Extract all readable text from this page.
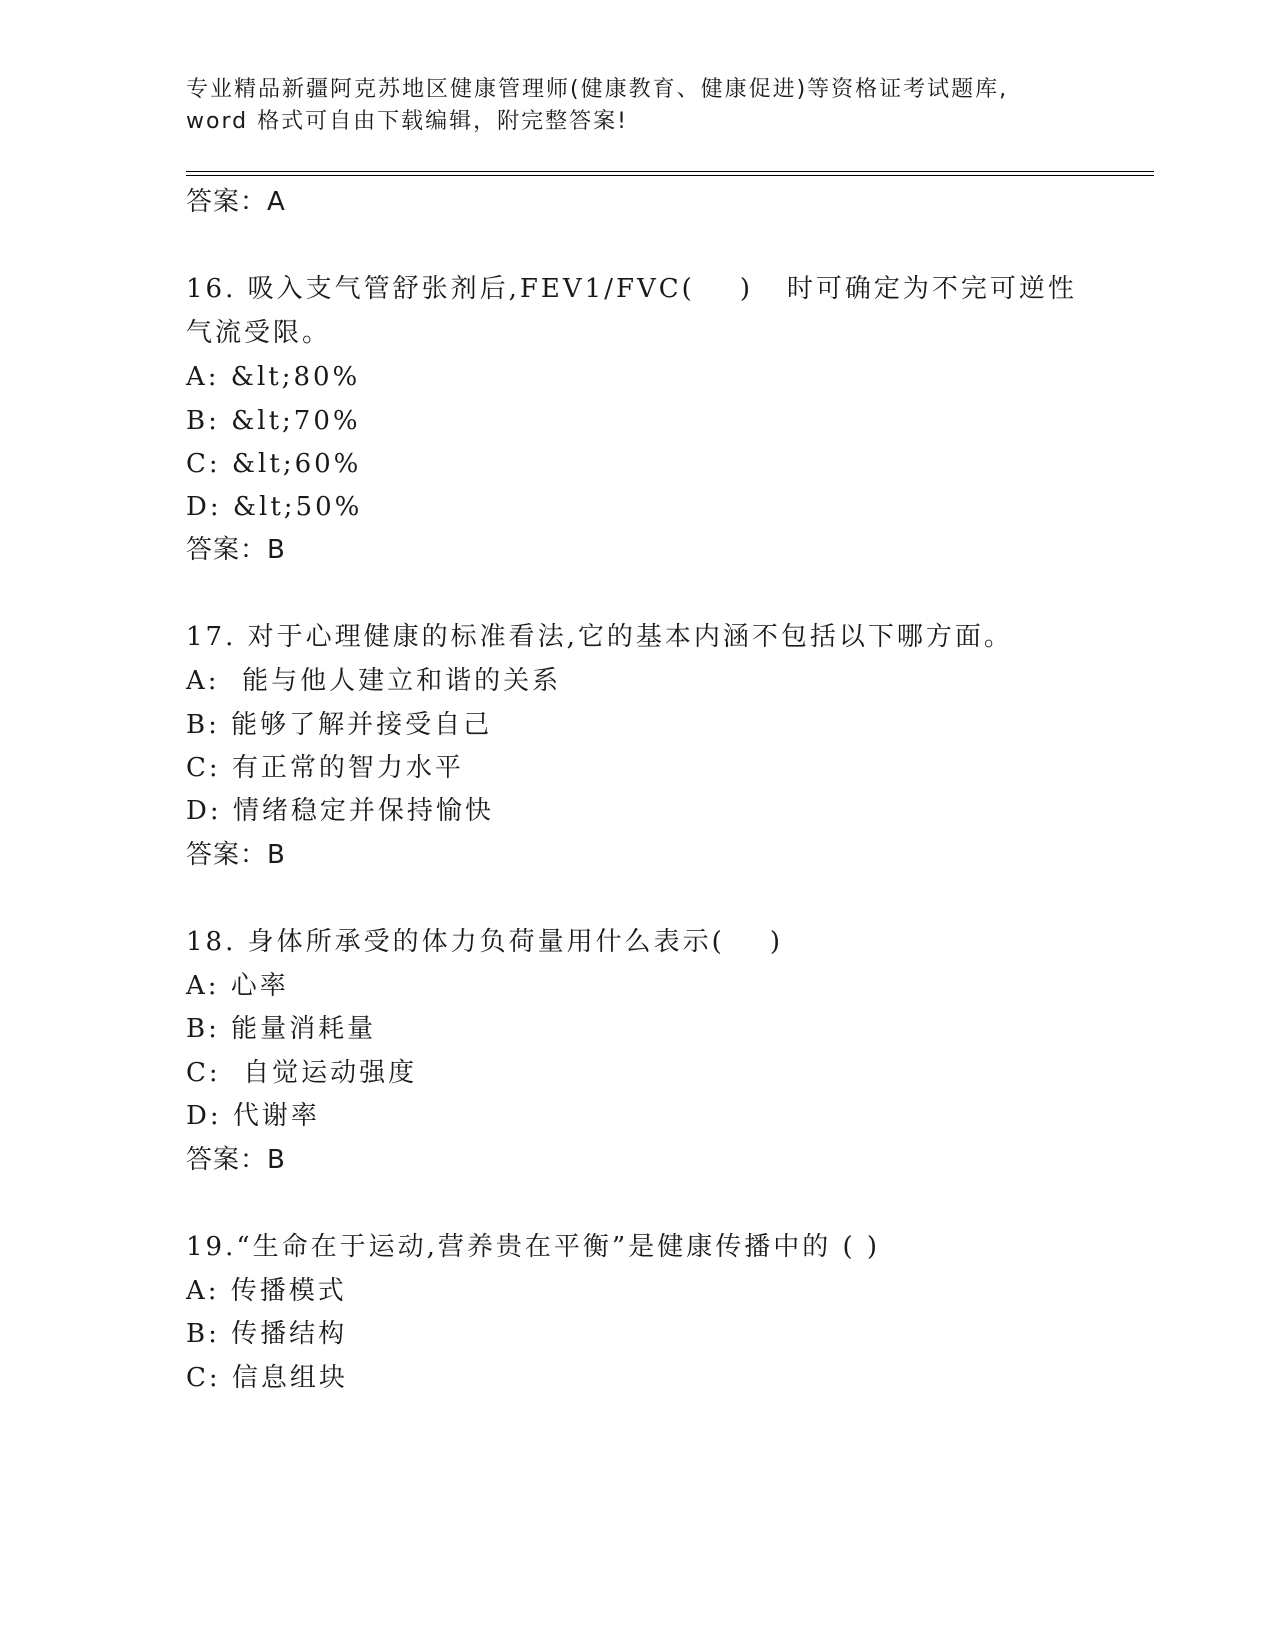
专业精品新疆阿克苏地区健康管理师(健康教育、健康促进)等资格证考试题库,
word 格式可自由下载编辑，附完整答案!
答案：A
16. 吸入支气管舒张剂后,FEV1/FVC(    )   时可确定为不完可逆性
气流受限。
A: &lt;80%
B: &lt;70%
C: &lt;60%
D: &lt;50%
答案：B
17. 对于心理健康的标准看法,它的基本内涵不包括以下哪方面。
A:  能与他人建立和谐的关系
B: 能够了解并接受自己
C: 有正常的智力水平
D: 情绪稳定并保持愉快
答案：B
18. 身体所承受的体力负荷量用什么表示(    )
A: 心率
B: 能量消耗量
C:  自觉运动强度
D: 代谢率
答案：B
19.“生命在于运动,营养贵在平衡”是健康传播中的 ( )
A: 传播模式
B: 传播结构
C: 信息组块
